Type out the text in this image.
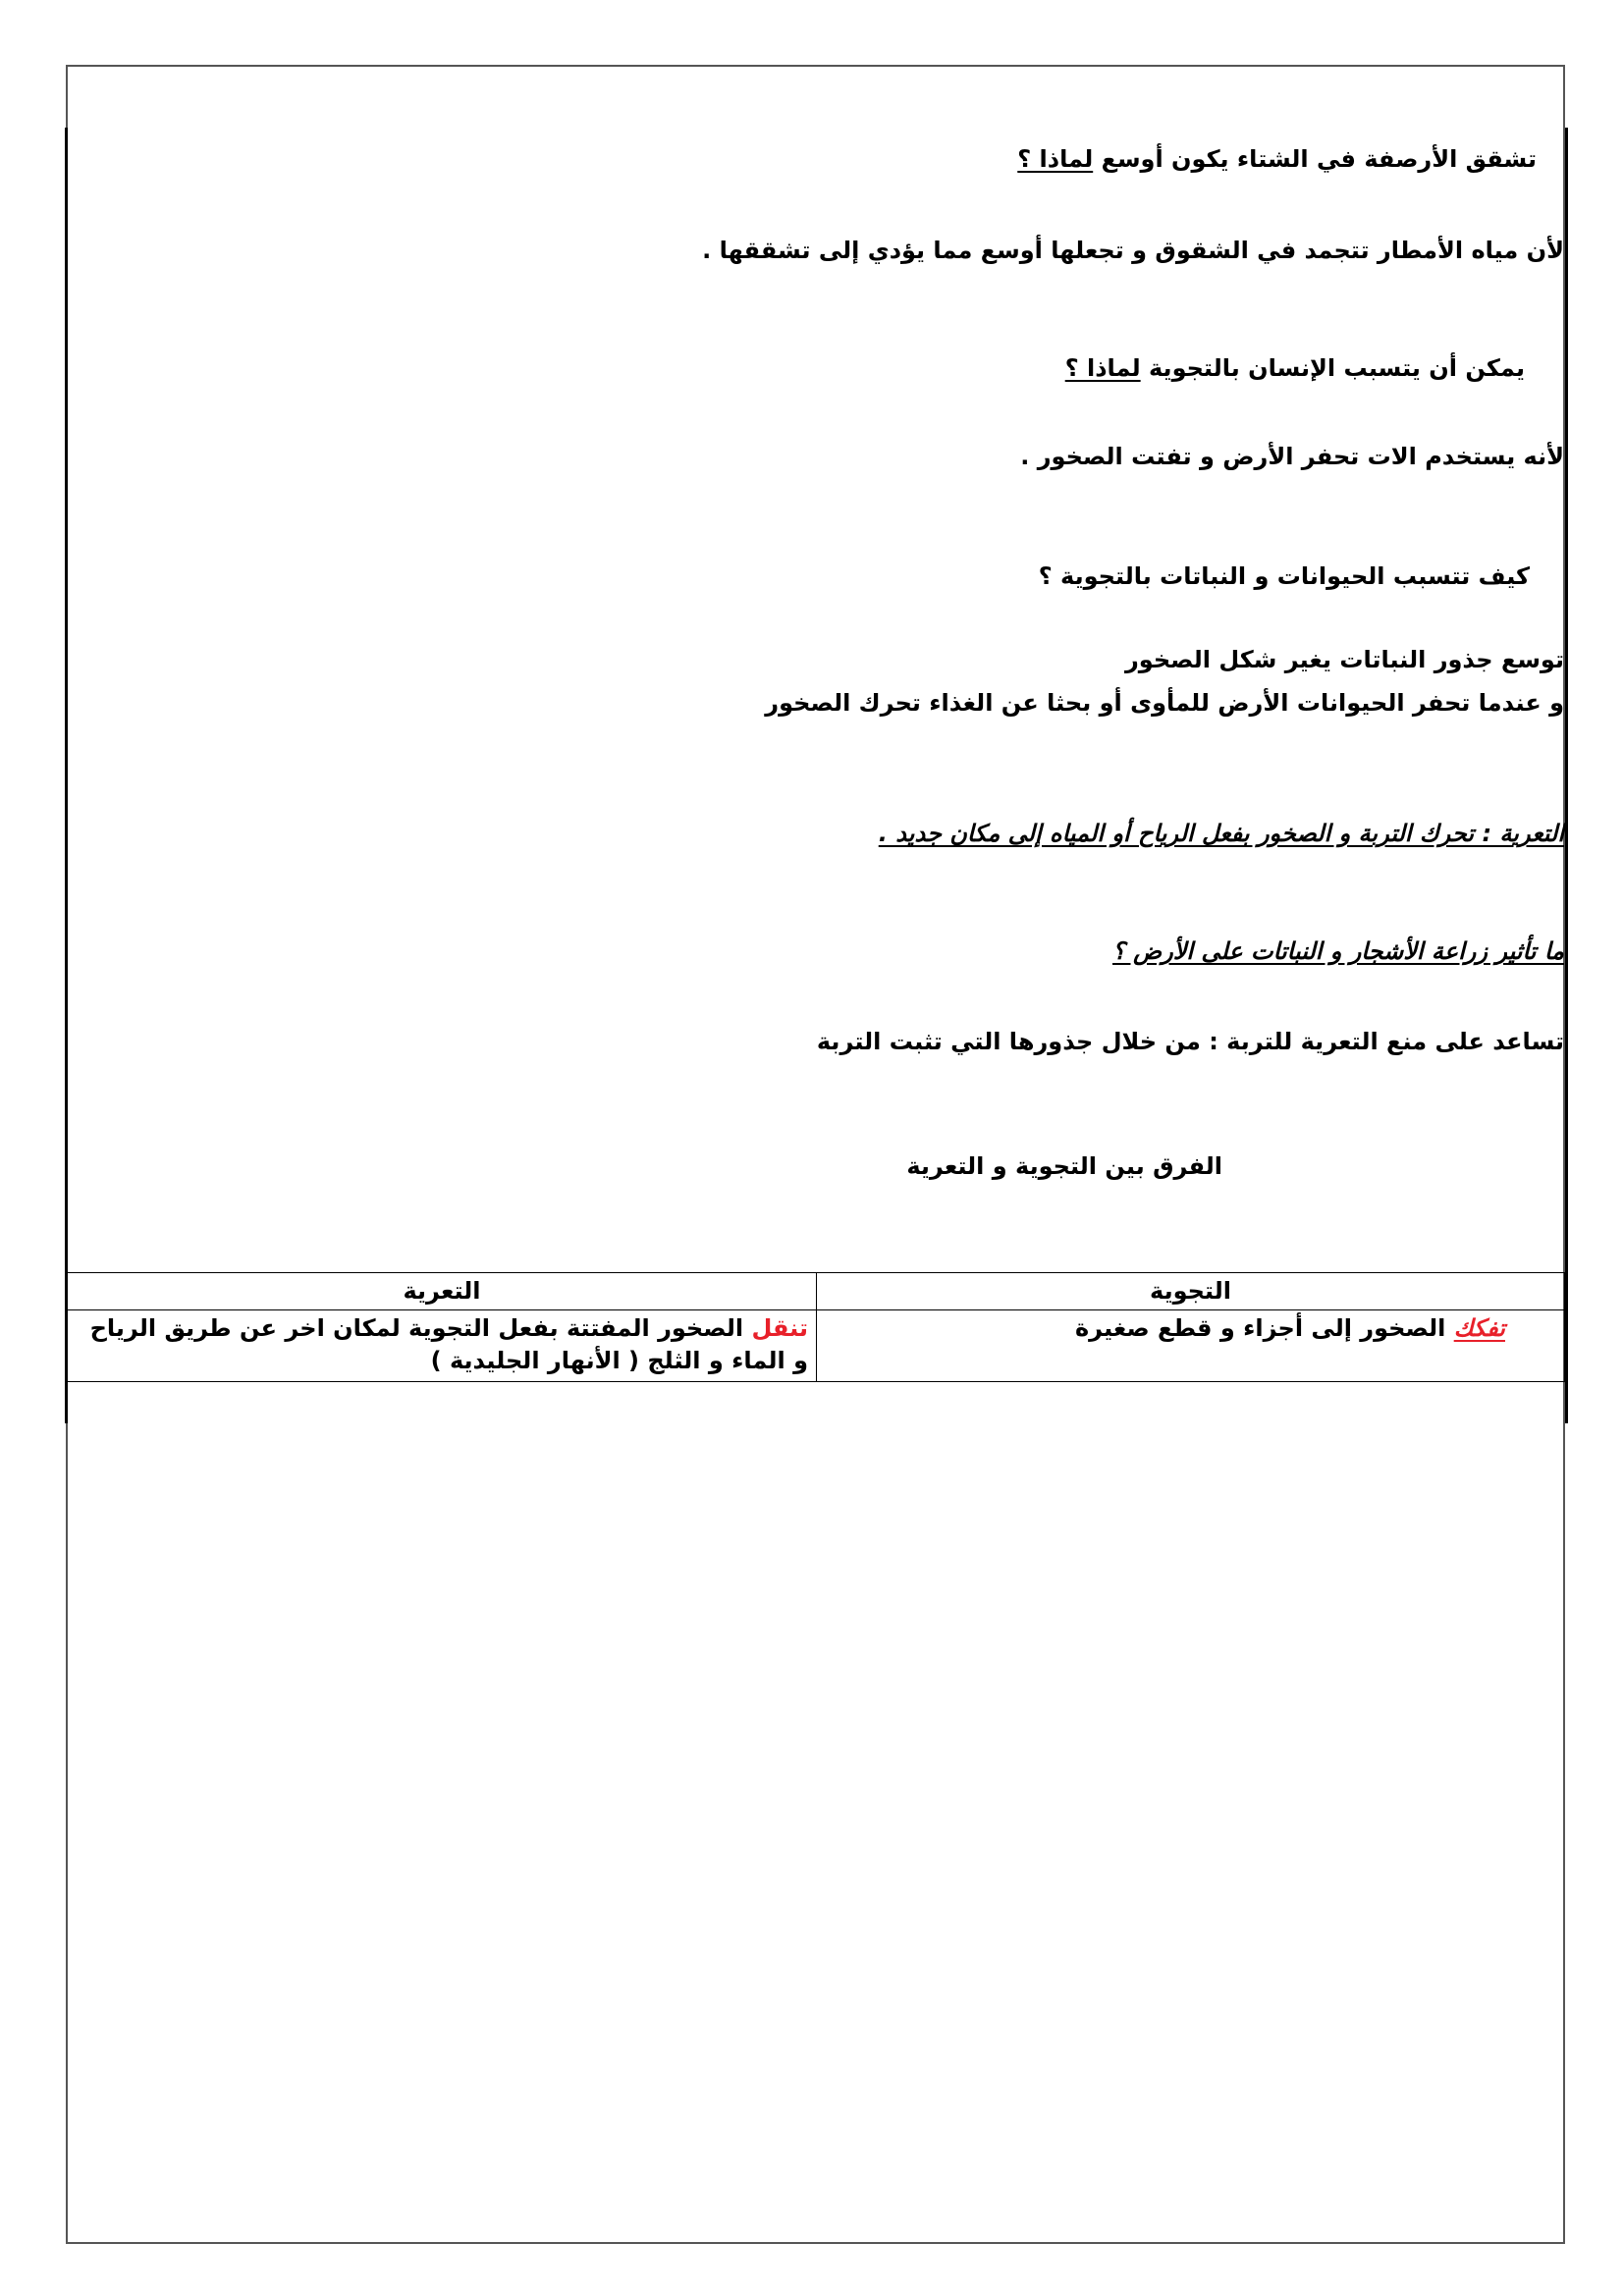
تشقق الأرصفة في الشتاء يكون أوسع لماذا ؟
لأن مياه الأمطار تتجمد في الشقوق و تجعلها أوسع مما يؤدي إلى تشققها .
يمكن أن يتسبب الإنسان بالتجوية لماذا ؟
لأنه يستخدم الات تحفر الأرض و تفتت الصخور .
كيف تتسبب الحيوانات و النباتات بالتجوية ؟
توسع جذور النباتات يغير شكل الصخور
و عندما تحفر الحيوانات الأرض للمأوى أو بحثا عن الغذاء تحرك الصخور
التعرية : تحرك التربة و الصخور بفعل الرياح أو المياه إلى مكان جديد .
ما تأثير زراعة الأشجار و النباتات على الأرض ؟
تساعد على منع التعرية للتربة : من خلال جذورها التي تثبت التربة
الفرق بين التجوية و التعرية
التجوية	التعرية
تفكك الصخور إلى أجزاء و قطع صغيرة	تنقل الصخور المفتتة بفعل التجوية لمكان اخر عن طريق الرياح و الماء و الثلج ( الأنهار الجليدية )
